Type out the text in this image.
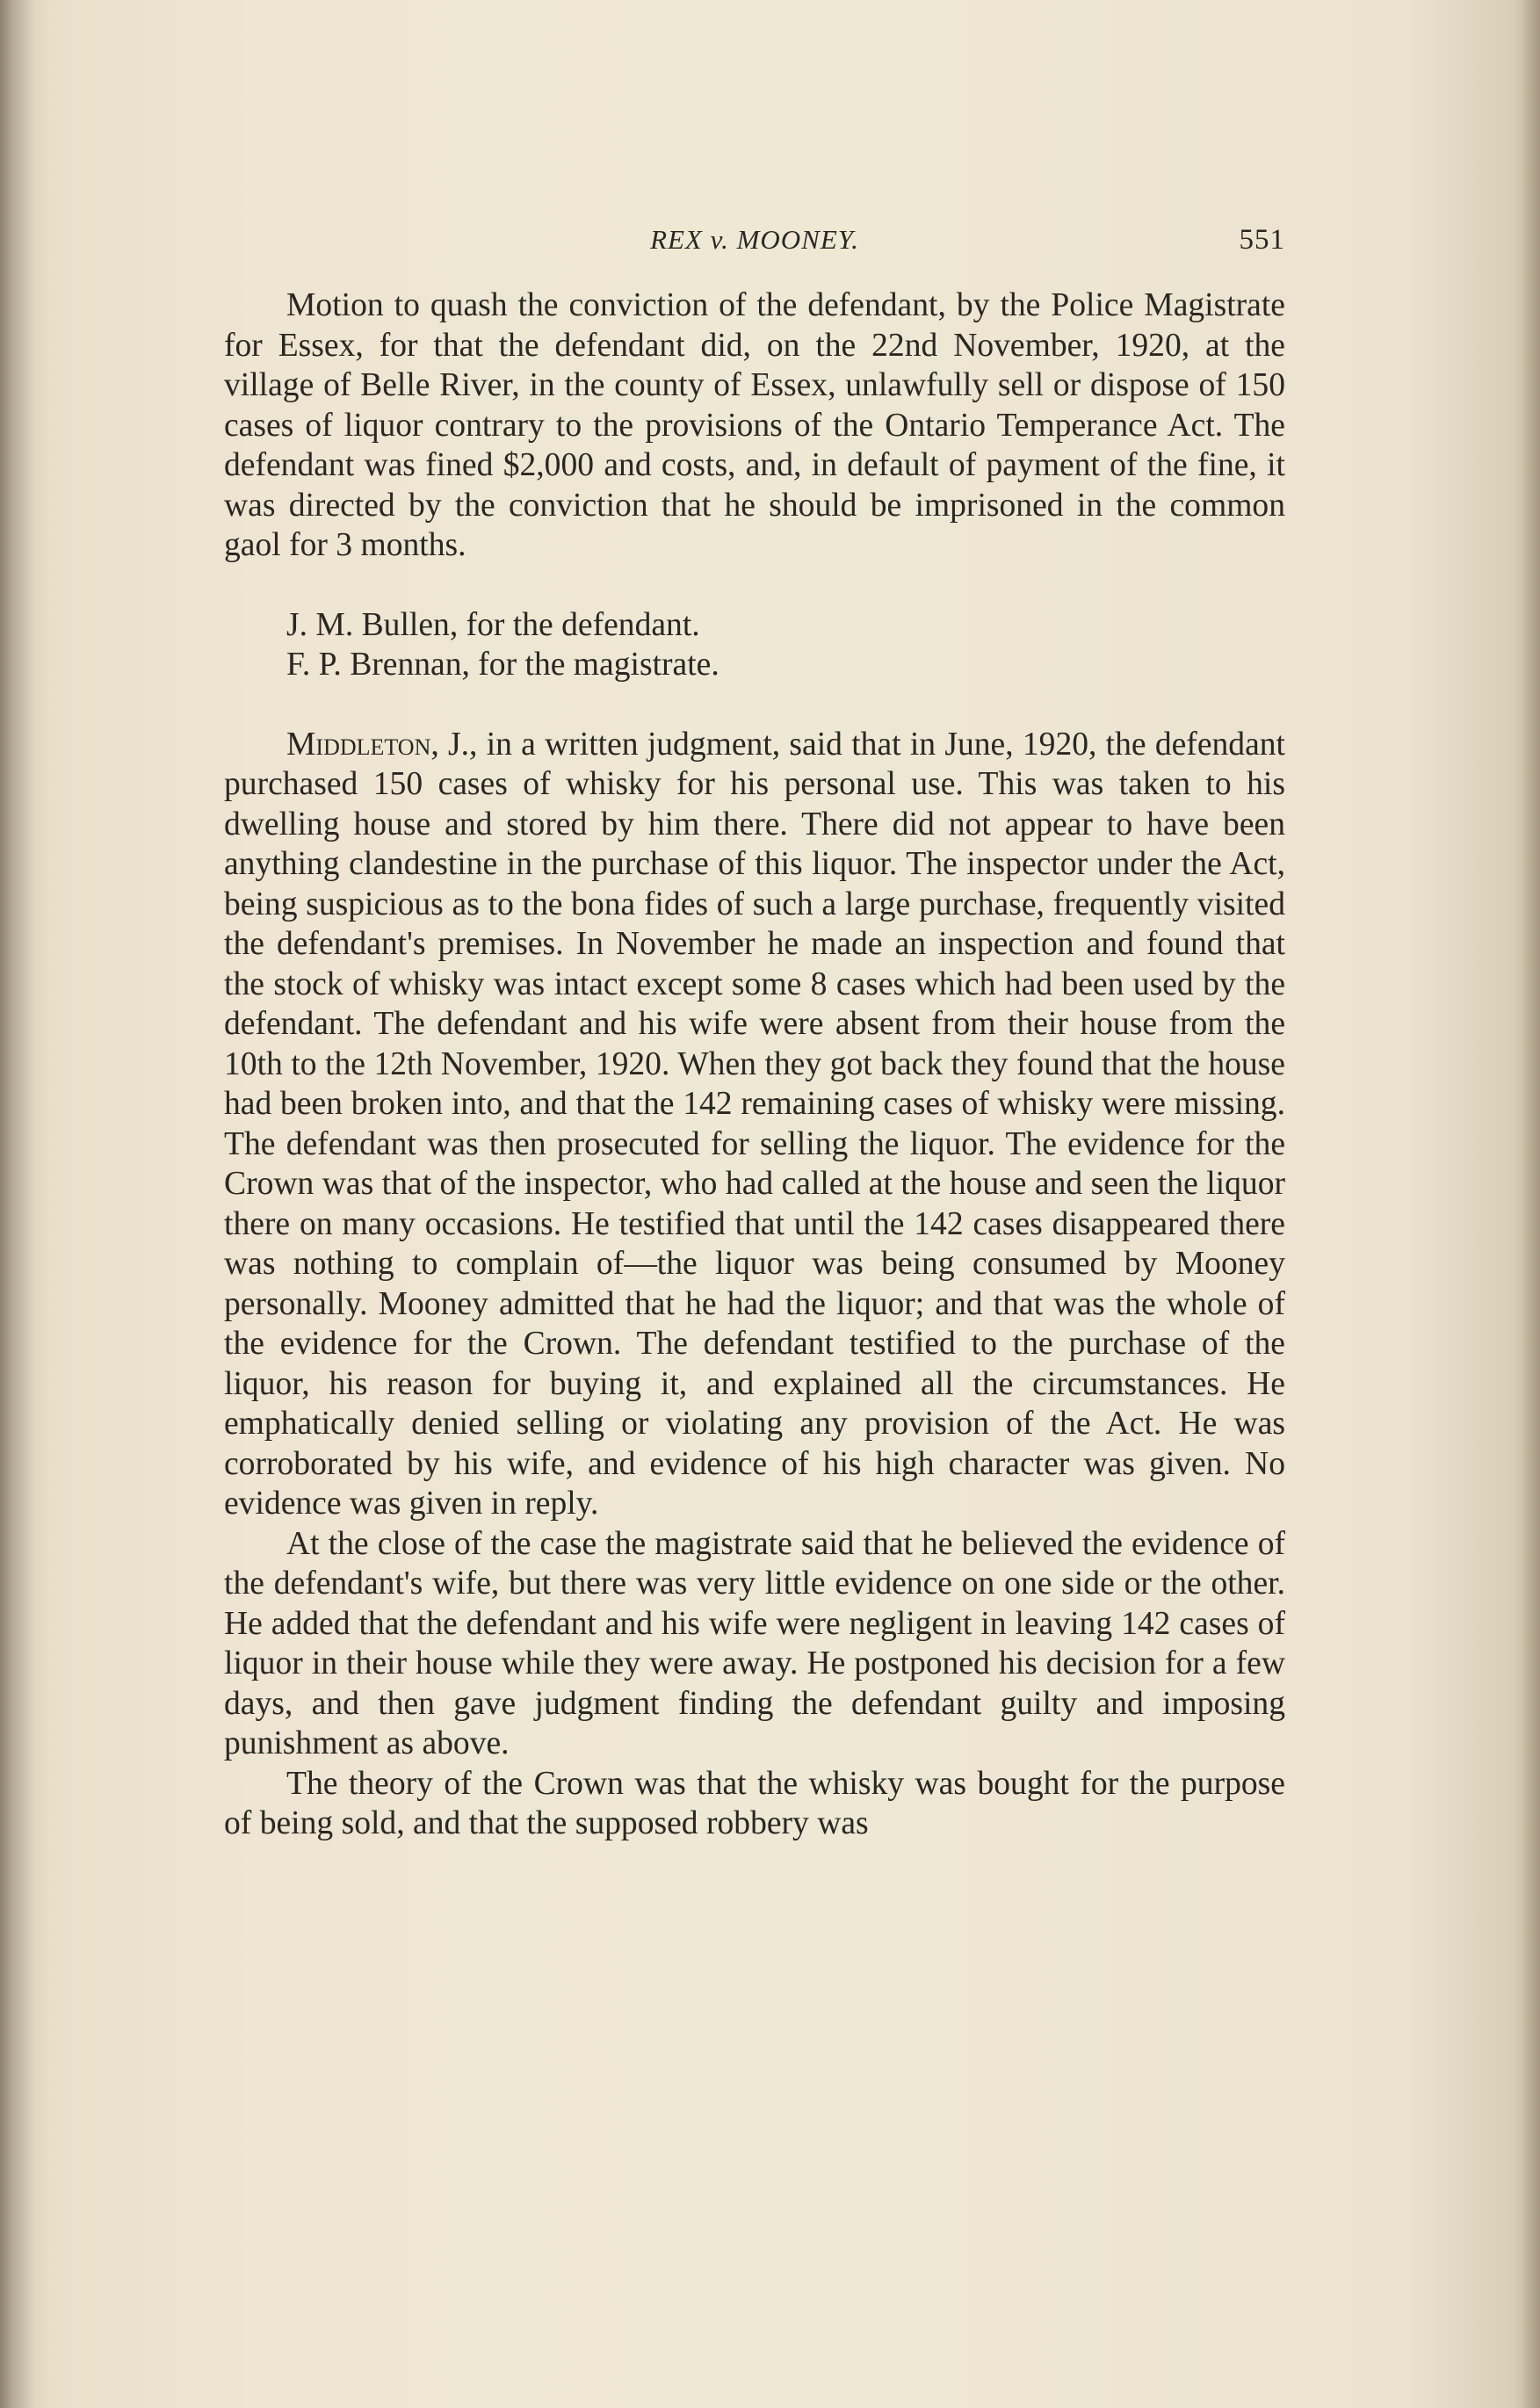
REX v. MOONEY.	551

Motion to quash the conviction of the defendant, by the Police Magistrate for Essex, for that the defendant did, on the 22nd November, 1920, at the village of Belle River, in the county of Essex, unlawfully sell or dispose of 150 cases of liquor contrary to the provisions of the Ontario Temperance Act. The defendant was fined $2,000 and costs, and, in default of payment of the fine, it was directed by the conviction that he should be imprisoned in the common gaol for 3 months.

J. M. Bullen, for the defendant.

F. P. Brennan, for the magistrate.

Middleton, J., in a written judgment, said that in June, 1920, the defendant purchased 150 cases of whisky for his personal use. This was taken to his dwelling house and stored by him there. There did not appear to have been anything clandestine in the purchase of this liquor. The inspector under the Act, being suspicious as to the bona fides of such a large purchase, frequently visited the defendant's premises. In November he made an inspection and found that the stock of whisky was intact except some 8 cases which had been used by the defendant. The defendant and his wife were absent from their house from the 10th to the 12th November, 1920. When they got back they found that the house had been broken into, and that the 142 remaining cases of whisky were missing. The defendant was then prosecuted for selling the liquor. The evidence for the Crown was that of the inspector, who had called at the house and seen the liquor there on many occasions. He testified that until the 142 cases disappeared there was nothing to complain of—the liquor was being consumed by Mooney personally. Mooney admitted that he had the liquor; and that was the whole of the evidence for the Crown. The defendant testified to the purchase of the liquor, his reason for buying it, and explained all the circumstances. He emphatically denied selling or violating any provision of the Act. He was corroborated by his wife, and evidence of his high character was given. No evidence was given in reply.

At the close of the case the magistrate said that he believed the evidence of the defendant's wife, but there was very little evidence on one side or the other. He added that the defendant and his wife were negligent in leaving 142 cases of liquor in their house while they were away. He postponed his decision for a few days, and then gave judgment finding the defendant guilty and imposing punishment as above.

The theory of the Crown was that the whisky was bought for the purpose of being sold, and that the supposed robbery was
